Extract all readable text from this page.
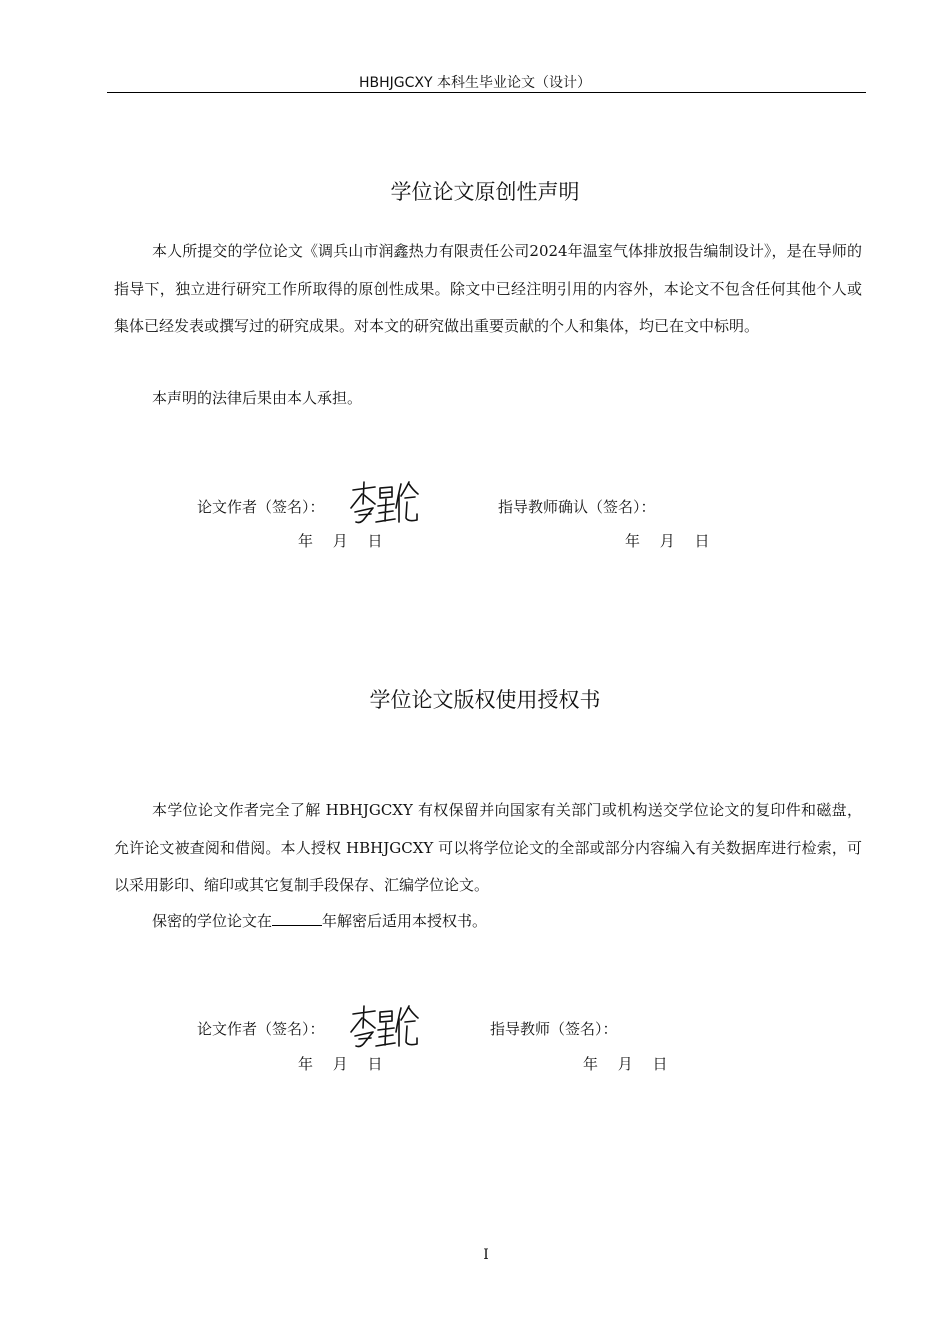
HBHJGCXY 本科生毕业论文（设计）
学位论文原创性声明

本人所提交的学位论文《调兵山市润鑫热力有限责任公司2024年温室气体排放报告编制设计》，是在导师的指导下，独立进行研究工作所取得的原创性成果。除文中已经注明引用的内容外，本论文不包含任何其他个人或集体已经发表或撰写过的研究成果。对本文的研究做出重要贡献的个人和集体，均已在文中标明。

本声明的法律后果由本人承担。

论文作者（签名）：	指导教师确认（签名）：
年　 月　 日	年　 月　 日
学位论文版权使用授权书

本学位论文作者完全了解 HBHJGCXY 有权保留并向国家有关部门或机构送交学位论文的复印件和磁盘，允许论文被查阅和借阅。本人授权 HBHJGCXY 可以将学位论文的全部或部分内容编入有关数据库进行检索，可以采用影印、缩印或其它复制手段保存、汇编学位论文。

保密的学位论文在	年解密后适用本授权书。
论文作者（签名）：	指导教师（签名）：
年　 月　 日	年　 月　 日
I
